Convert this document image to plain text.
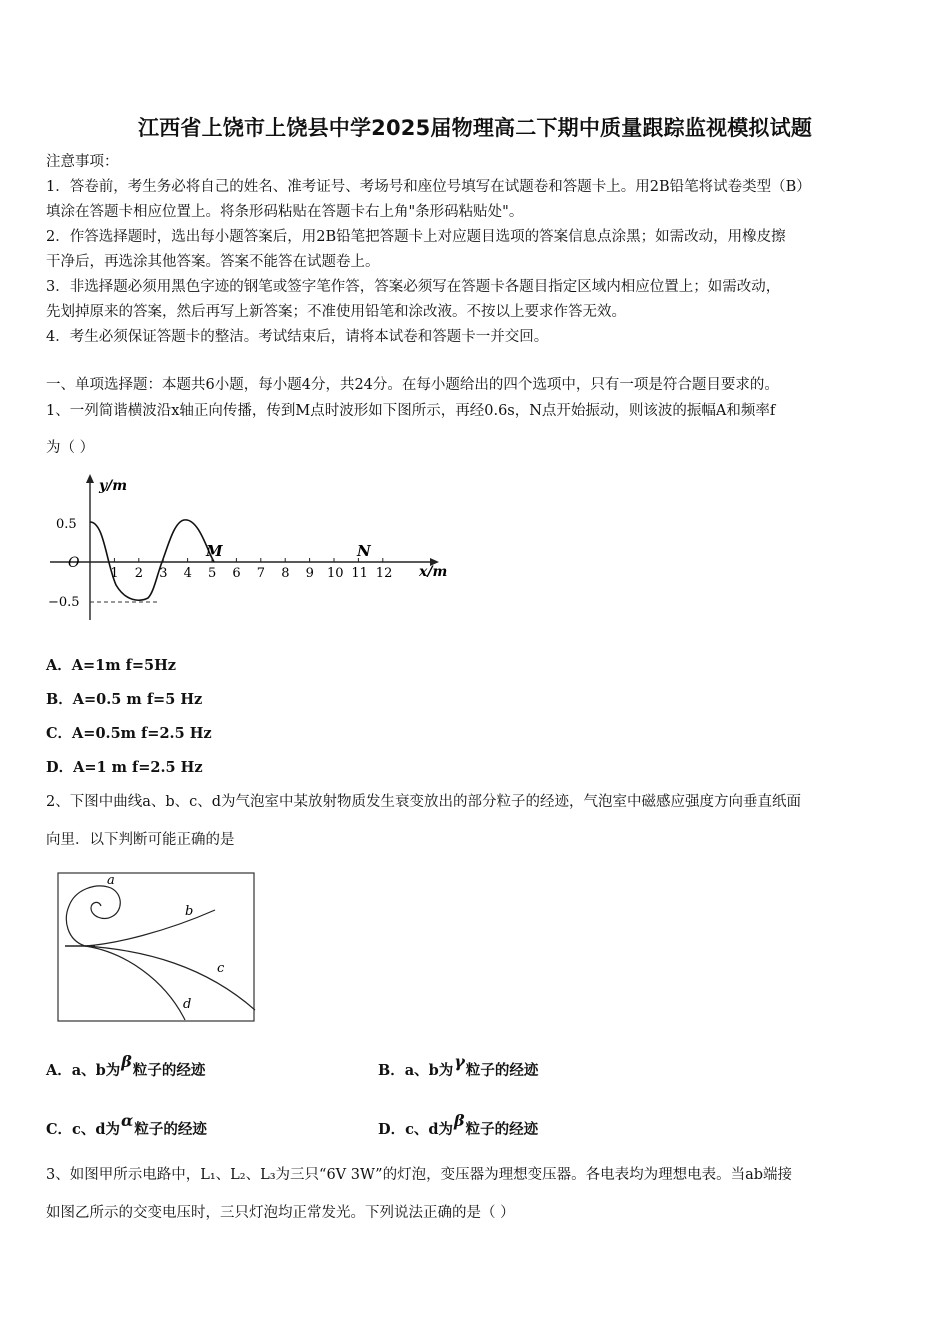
江西省上饶市上饶县中学2025届物理高二下期中质量跟踪监视模拟试题
注意事项：
1．答卷前，考生务必将自己的姓名、准考证号、考场号和座位号填写在试题卷和答题卡上。用2B铅笔将试卷类型（B）
填涂在答题卡相应位置上。将条形码粘贴在答题卡右上角"条形码粘贴处"。
2．作答选择题时，选出每小题答案后，用2B铅笔把答题卡上对应题目选项的答案信息点涂黑；如需改动，用橡皮擦
干净后，再选涂其他答案。答案不能答在试题卷上。
3．非选择题必须用黑色字迹的钢笔或签字笔作答，答案必须写在答题卡各题目指定区域内相应位置上；如需改动，
先划掉原来的答案，然后再写上新答案；不准使用铅笔和涂改液。不按以上要求作答无效。
4．考生必须保证答题卡的整洁。考试结束后，请将本试卷和答题卡一并交回。
一、单项选择题：本题共6小题，每小题4分，共24分。在每小题给出的四个选项中，只有一项是符合题目要求的。
1、一列简谐横波沿x轴正向传播，传到M点时波形如下图所示，再经0.6s，N点开始振动，则该波的振幅A和频率f
为（ ）
y/m
x/m
O
0.5
−0.5
1 2 3 4 5 6 7 8 9 10 11 12
M	N
A．A=1m f=5Hz
B．A=0.5 m f=5 Hz
C．A=0.5m f=2.5 Hz
D．A=1 m f=2.5 Hz
2、下图中曲线a、b、c、d为气泡室中某放射物质发生衰变放出的部分粒子的经迹，气泡室中磁感应强度方向垂直纸面
向里．以下判断可能正确的是
a
b
c
d
A．a、b为β粒子的经迹	B．a、b为γ粒子的经迹
C．c、d为α粒子的经迹	D．c、d为β粒子的经迹
3、如图甲所示电路中，L₁、L₂、L₃为三只“6V 3W”的灯泡，变压器为理想变压器。各电表均为理想电表。当ab端接
如图乙所示的交变电压时，三只灯泡均正常发光。下列说法正确的是（ ）
